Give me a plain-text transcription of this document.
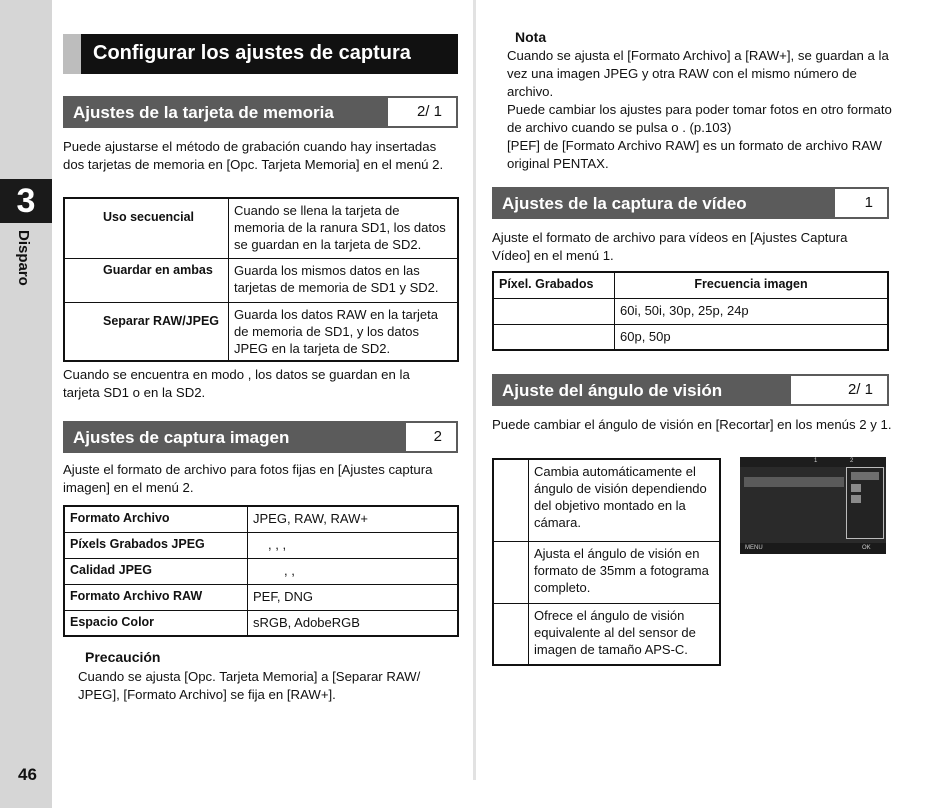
3
Disparo
46
Configurar los ajustes de captura
Ajustes de la tarjeta de memoria	2/ 1
Puede ajustarse el método de grabación cuando hay insertadas dos tarjetas de memoria en [Opc. Tarjeta Memoria] en el menú 2.
Uso secuencial	Cuando se llena la tarjeta de memoria de la ranura SD1, los datos se guardan en la tarjeta de SD2.
Guardar en ambas	Guarda los mismos datos en las tarjetas de memoria de SD1 y SD2.
Separar RAW/JPEG	Guarda los datos RAW en la tarjeta de memoria de SD1, y los datos JPEG en la tarjeta de SD2.
Cuando se encuentra en modo , los datos se guardan en la tarjeta SD1 o en la SD2.
Ajustes de captura imagen	2
Ajuste el formato de archivo para fotos fijas en [Ajustes captura imagen] en el menú 2.
Formato Archivo	JPEG, RAW, RAW+
Píxels Grabados JPEG	, , ,
Calidad JPEG	, ,
Formato Archivo RAW	PEF, DNG
Espacio Color	sRGB, AdobeRGB
Precaución
Cuando se ajusta [Opc. Tarjeta Memoria] a [Separar RAW/ JPEG], [Formato Archivo] se fija en [RAW+].
Nota
Cuando se ajusta el [Formato Archivo] a [RAW+], se guardan a la vez una imagen JPEG y otra RAW con el mismo número de archivo.
Puede cambiar los ajustes para poder tomar fotos en otro formato de archivo cuando se pulsa o . (p.103)
[PEF] de [Formato Archivo RAW] es un formato de archivo RAW original PENTAX.
Ajustes de la captura de vídeo	1
Ajuste el formato de archivo para vídeos en [Ajustes Captura Vídeo] en el menú 1.
Píxel. Grabados	Frecuencia imagen
	60i, 50i, 30p, 25p, 24p
	60p, 50p
Ajuste del ángulo de visión	2/ 1
Puede cambiar el ángulo de visión en [Recortar] en los menús 2 y 1.
	Cambia automáticamente el ángulo de visión dependiendo del objetivo montado en la cámara.
	Ajusta el ángulo de visión en formato de 35mm a fotograma completo.
	Ofrece el ángulo de visión equivalente al del sensor de imagen de tamaño APS-C.
1	2
MENU	OK
